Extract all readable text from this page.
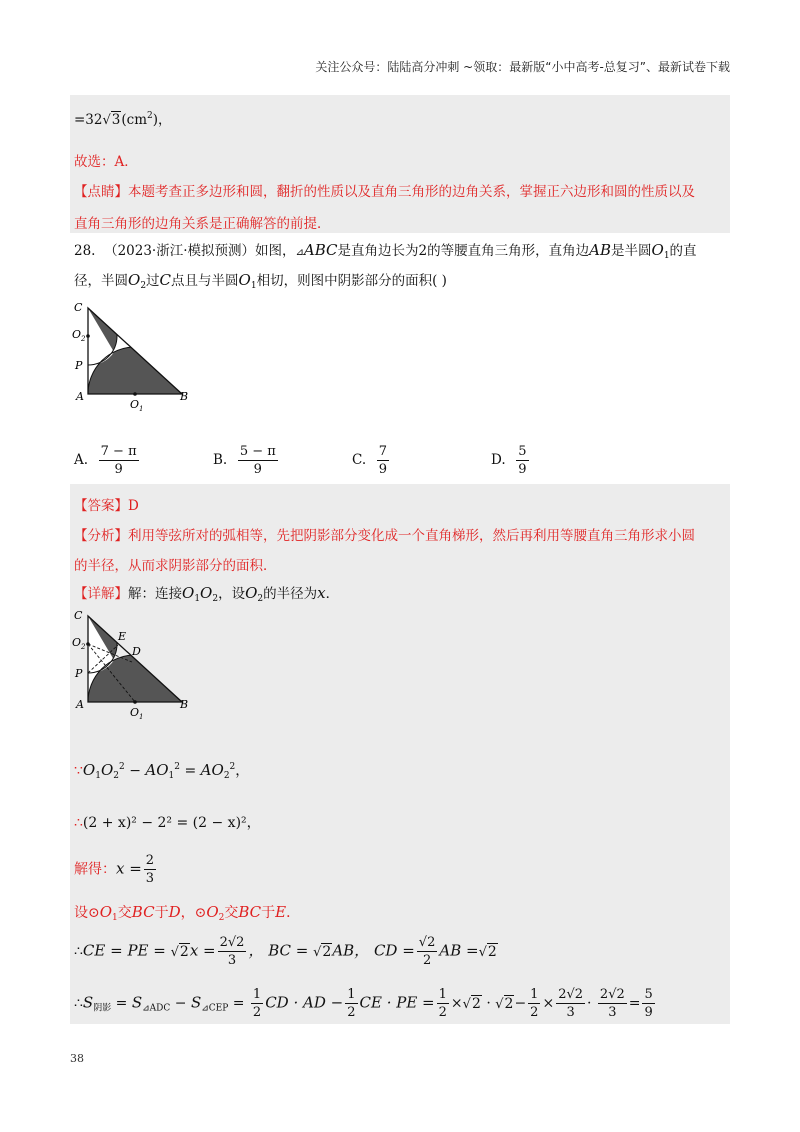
关注公众号：陆陆高分冲刺 ~领取：最新版“小中高考-总复习”、最新试卷下载
$=32√3(cm^2)$，
故选：A．
【点睛】本题考查正多边形和圆，翻折的性质以及直角三角形的边角关系，掌握正六边形和圆的性质以及
直角三角形的边角关系是正确解答的前提．
28. （2023·浙江·模拟预测）如图，⊿ABC是直角边长为2的等腰直角三角形，直角边AB是半圆$O_1$的直
径，半圆$O_2$过C点且与半圆$O_1$相切，则图中阴影部分的面积( )
C
$O_2$
P
A
$O_1$
B
A. $\frac{7 - \pi}{9}$	B. $\frac{5 - \pi}{9}$	C. $\frac{7}{9}$	D. $\frac{5}{9}$
【答案】D
【分析】利用等弦所对的弧相等，先把阴影部分变化成一个直角梯形，然后再利用等腰直角三角形求小圆
的半径，从而求阴影部分的面积．
【详解】解：连接$O_1O_2$，设$O_2$的半径为x．
C
$O_2$
E
D
P
A
$O_1$
B
$\because O_1O_2^2 - AO_1^2 = AO_2^2$，
∴(2 + x)² − 2² = (2 − x)²，
解得：$x = \frac{2}{3}$
设$⊙O_1$交BC于D，$⊙O_2$交BC于E．
∴CE = PE = $√2x = \frac{2√2}{3}$ ， BC = √2AB， CD = $\frac{√2}{2}$ AB =√2
$\therefore S_{阴影} = S_{⊿ADC} - S_{⊿CEP} = \frac{1}{2}$ CD · AD − $\frac{1}{2}$ CE · PE = $\frac{1}{2} \times√2 \cdot √2- \frac{1}{2} \times \frac{2√2}{3} \cdot \frac{2√2}{3} = \frac{5}{9}$
38
